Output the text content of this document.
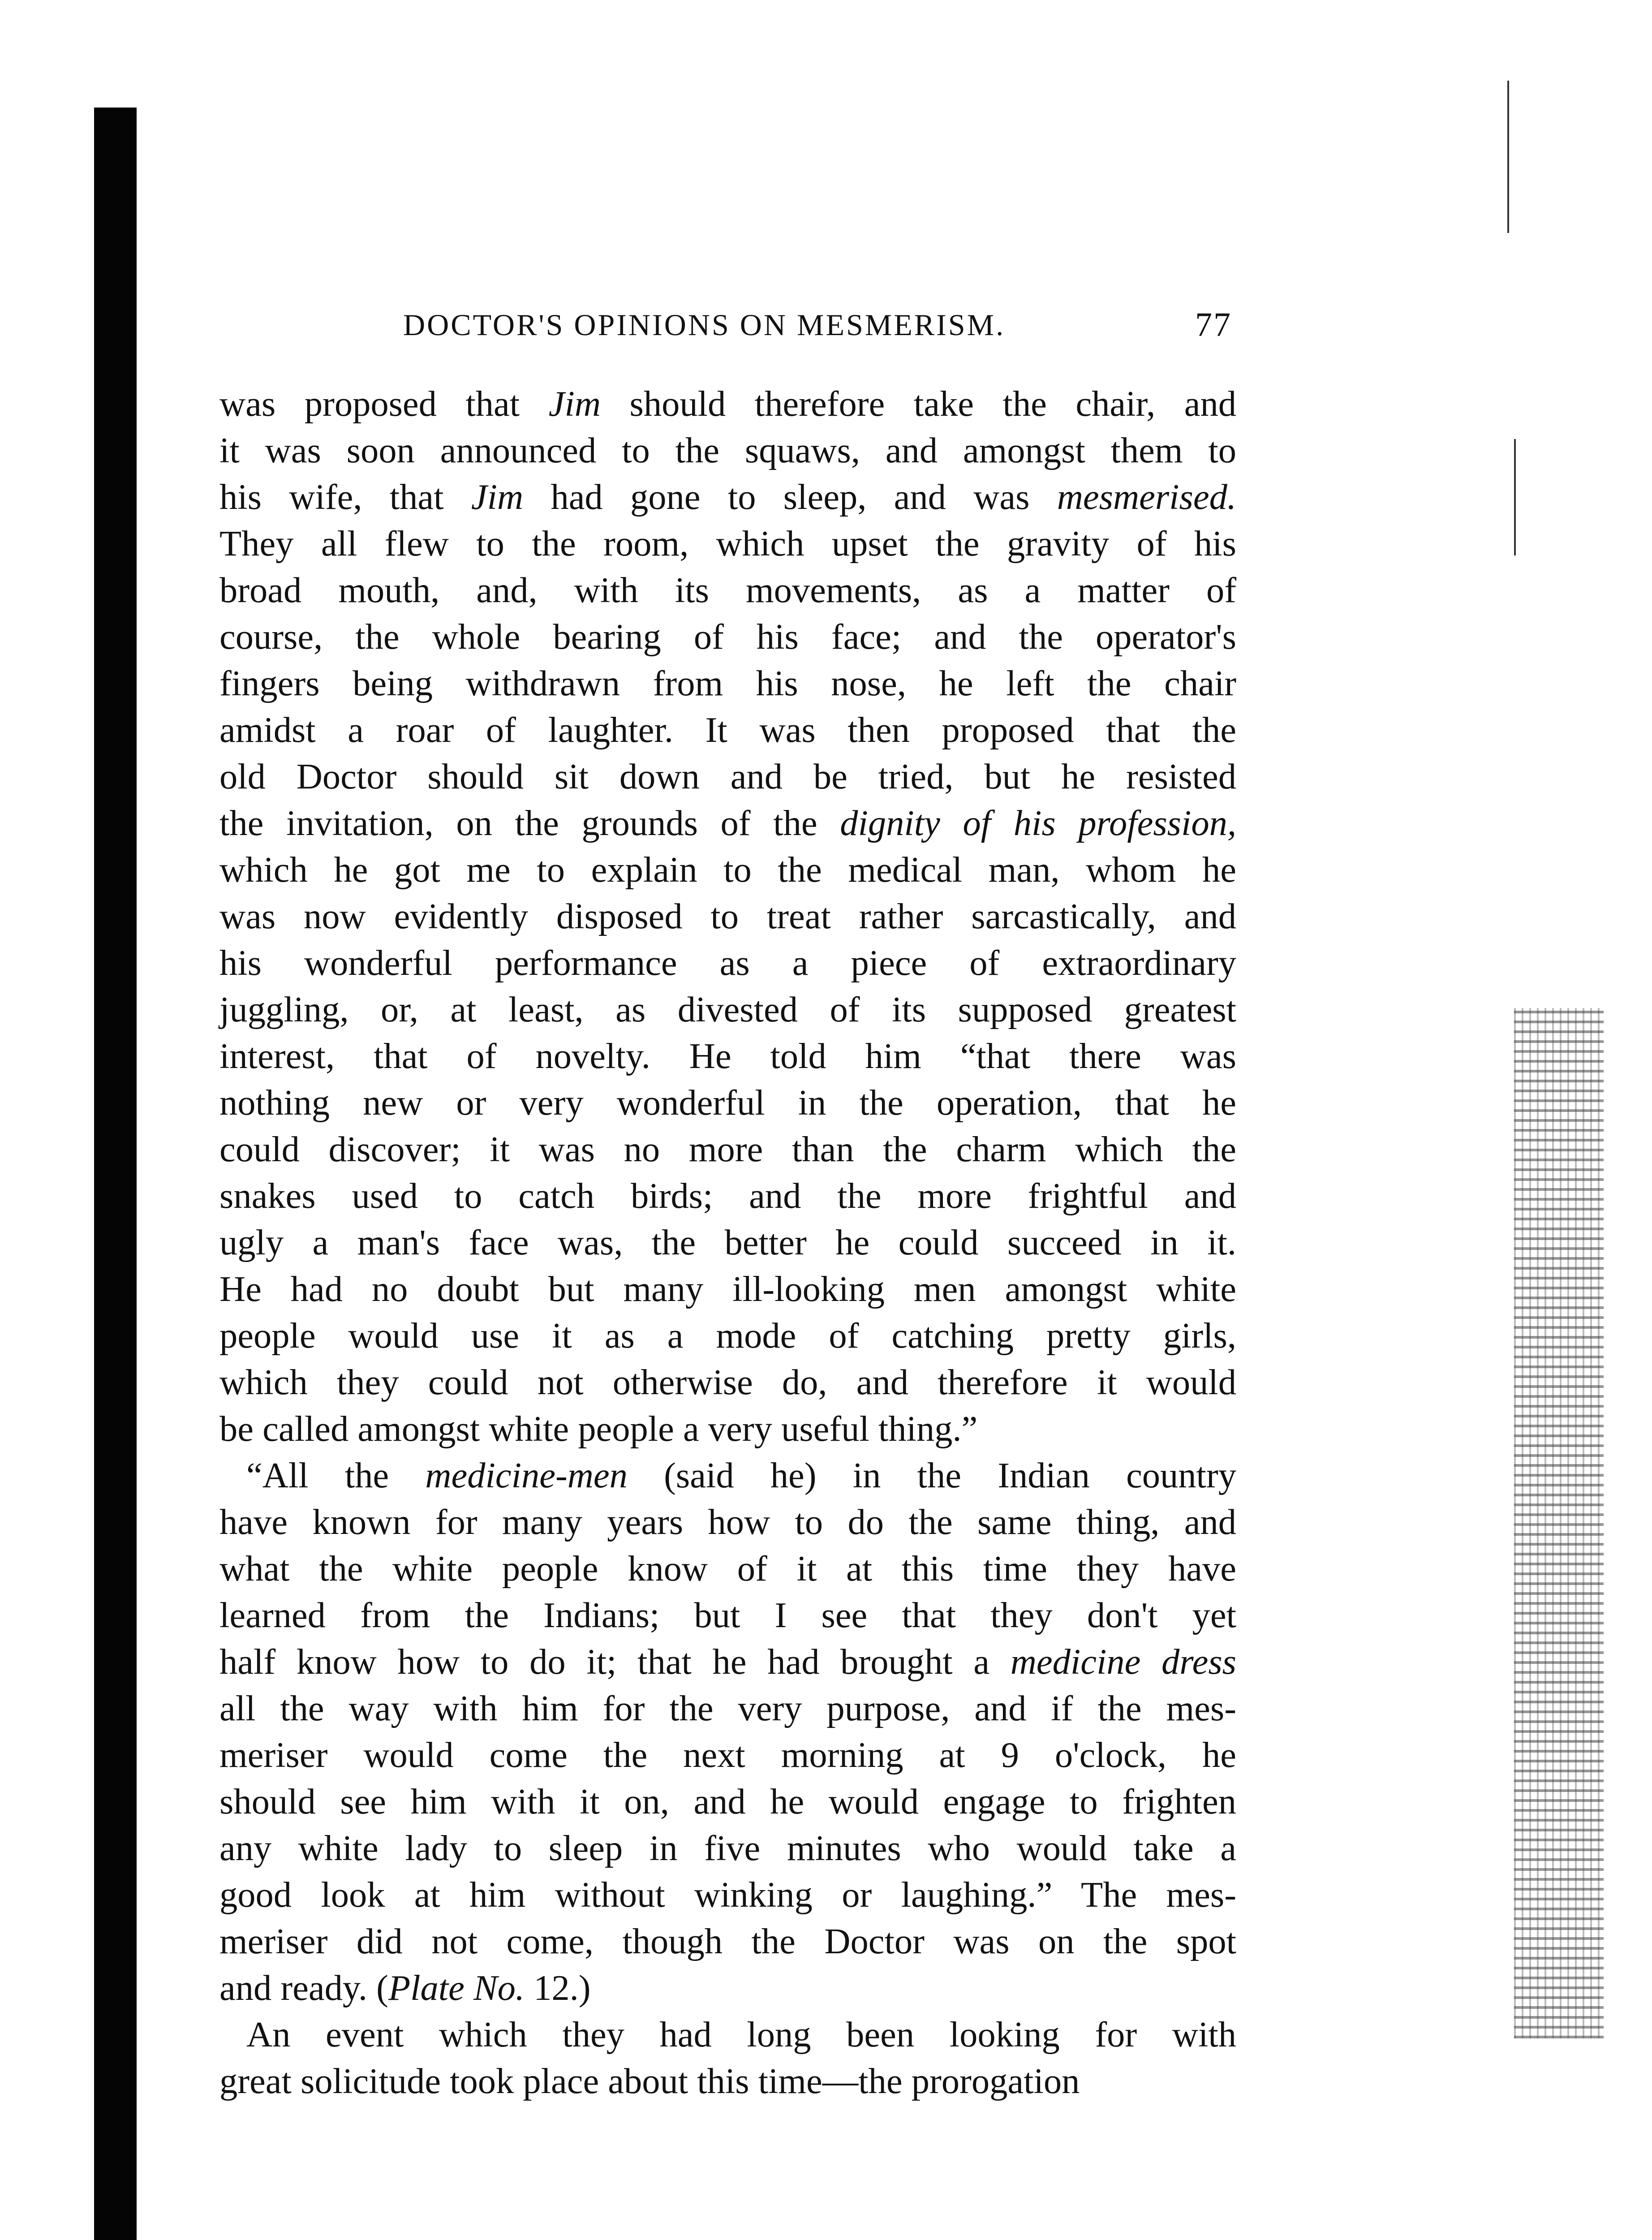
DOCTOR'S OPINIONS ON MESMERISM.	77
was proposed that Jim should therefore take the chair, and
it was soon announced to the squaws, and amongst them to
his wife, that Jim had gone to sleep, and was mesmerised.
They all flew to the room, which upset the gravity of his
broad mouth, and, with its movements, as a matter of
course, the whole bearing of his face; and the operator's
fingers being withdrawn from his nose, he left the chair
amidst a roar of laughter. It was then proposed that the
old Doctor should sit down and be tried, but he resisted
the invitation, on the grounds of the dignity of his profession,
which he got me to explain to the medical man, whom he
was now evidently disposed to treat rather sarcastically, and
his wonderful performance as a piece of extraordinary
juggling, or, at least, as divested of its supposed greatest
interest, that of novelty. He told him “that there was
nothing new or very wonderful in the operation, that he
could discover; it was no more than the charm which the
snakes used to catch birds; and the more frightful and
ugly a man's face was, the better he could succeed in it.
He had no doubt but many ill-looking men amongst white
people would use it as a mode of catching pretty girls,
which they could not otherwise do, and therefore it would
be called amongst white people a very useful thing.”
“All the medicine-men (said he) in the Indian country
have known for many years how to do the same thing, and
what the white people know of it at this time they have
learned from the Indians; but I see that they don't yet
half know how to do it; that he had brought a medicine dress
all the way with him for the very purpose, and if the mes-
meriser would come the next morning at 9 o'clock, he
should see him with it on, and he would engage to frighten
any white lady to sleep in five minutes who would take a
good look at him without winking or laughing.” The mes-
meriser did not come, though the Doctor was on the spot
and ready. (Plate No. 12.)
An event which they had long been looking for with
great solicitude took place about this time—the prorogation
